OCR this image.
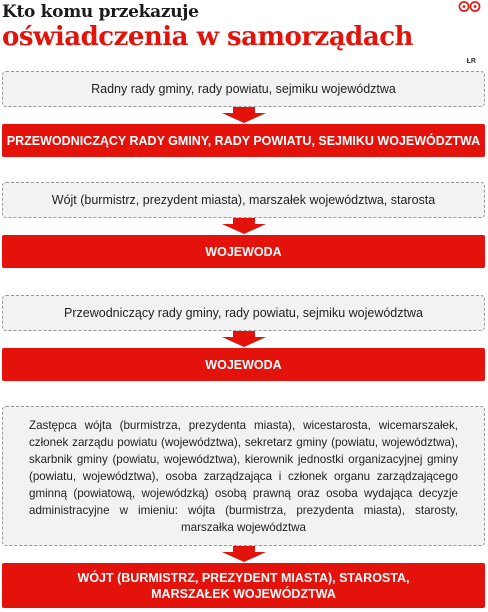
Kto komu przekazuje
oświadczenia w samorządach
ŁR
Radny rady gminy, rady powiatu, sejmiku województwa
PRZEWODNICZĄCY RADY GMINY, RADY POWIATU, SEJMIKU WOJEWÓDZTWA
Wójt (burmistrz, prezydent miasta), marszałek województwa, starosta
WOJEWODA
Przewodniczący rady gminy, rady powiatu, sejmiku województwa
WOJEWODA
Zastępca wójta (burmistrza, prezydenta miasta), wicestarosta, wicemarszałek, członek zarządu powiatu (województwa), sekretarz gminy (powiatu, województwa), skarbnik gminy (powiatu, województwa), kierownik jednostki organizacyjnej gminy (powiatu, województwa), osoba zarządzająca i członek organu zarządzającego gminną (powiatową, wojewódzką) osobą prawną oraz osoba wydająca decyzje administracyjne w imieniu: wójta (burmistrza, prezydenta miasta), starosty, marszałka województwa
WÓJT (BURMISTRZ, PREZYDENT MIASTA), STAROSTA,
MARSZAŁEK WOJEWÓDZTWA
